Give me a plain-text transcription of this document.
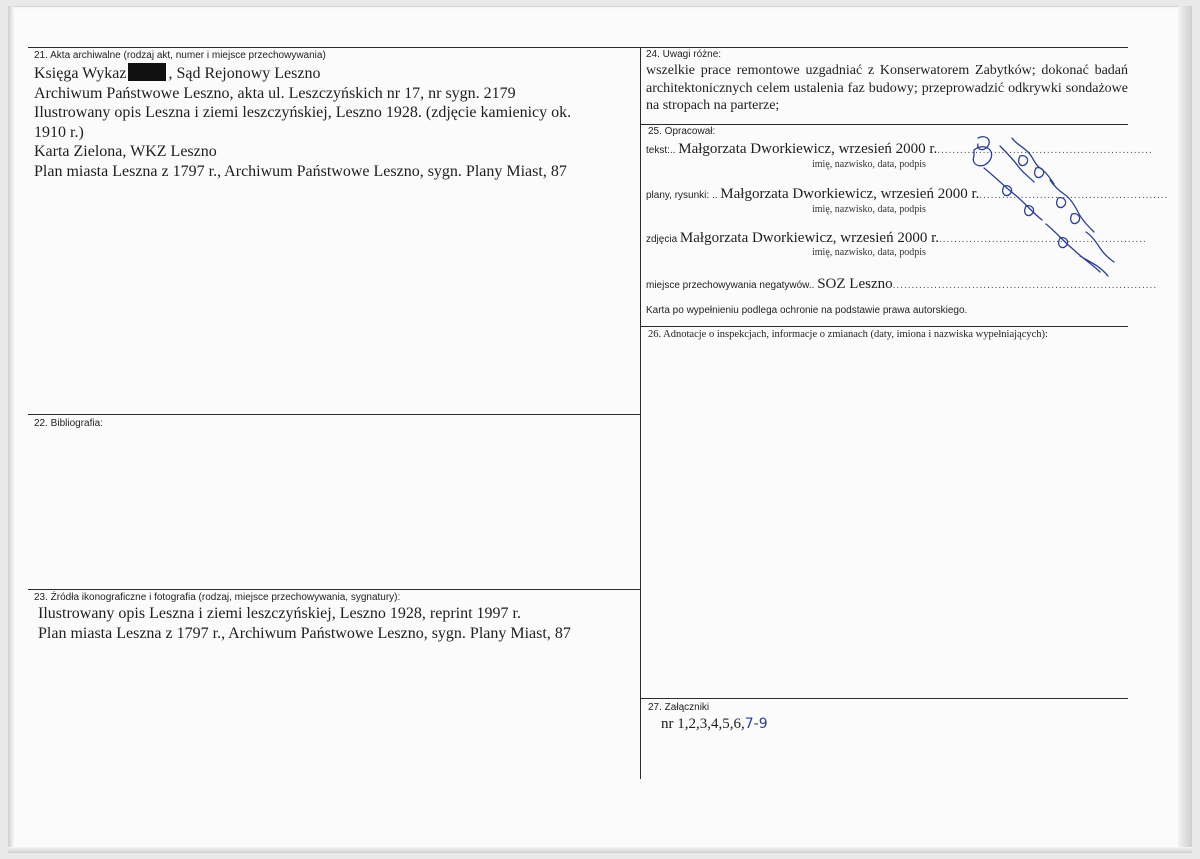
21. Akta archiwalne (rodzaj akt, numer i miejsce przechowywania)
Księga Wykaz	, Sąd Rejonowy Leszno
Archiwum Państwowe Leszno, akta ul. Leszczyńskich nr 17, nr sygn. 2179
Ilustrowany opis Leszna i ziemi leszczyńskiej, Leszno 1928. (zdjęcie kamienicy ok.
1910 r.)
Karta Zielona, WKZ Leszno
Plan miasta Leszna z 1797 r., Archiwum Państwowe Leszno, sygn. Plany Miast, 87
22. Bibliografia:
23. Źródła ikonograficzne i fotografia (rodzaj, miejsce przechowywania, sygnatury):
Ilustrowany opis Leszna i ziemi leszczyńskiej, Leszno 1928, reprint 1997 r.
Plan miasta Leszna z 1797 r., Archiwum Państwowe Leszno, sygn. Plany Miast, 87
24. Uwagi różne:
wszelkie prace remontowe uzgadniać z Konserwatorem Zabytków; dokonać badań architektonicznych celem ustalenia faz budowy; przeprowadzić odkrywki sondażowe na stropach na parterze;
25. Opracował:
tekst:.. Małgorzata Dworkiewicz, wrzesień 2000 r..........................................................
imię, nazwisko, data, podpis
plany, rysunki: .. Małgorzata Dworkiewicz, wrzesień 2000 r...................................................
imię, nazwisko, data, podpis
zdjęcia Małgorzata Dworkiewicz, wrzesień 2000 r........................................................
imię, nazwisko, data, podpis
miejsce przechowywania negatywów.. SOZ Leszno......................................................................
Karta po wypełnieniu podlega ochronie na podstawie prawa autorskiego.
26. Adnotacje o inspekcjach, informacje o zmianach (daty, imiona i nazwiska wypełniających):
27. Załączniki
nr 1,2,3,4,5,6,7-9
